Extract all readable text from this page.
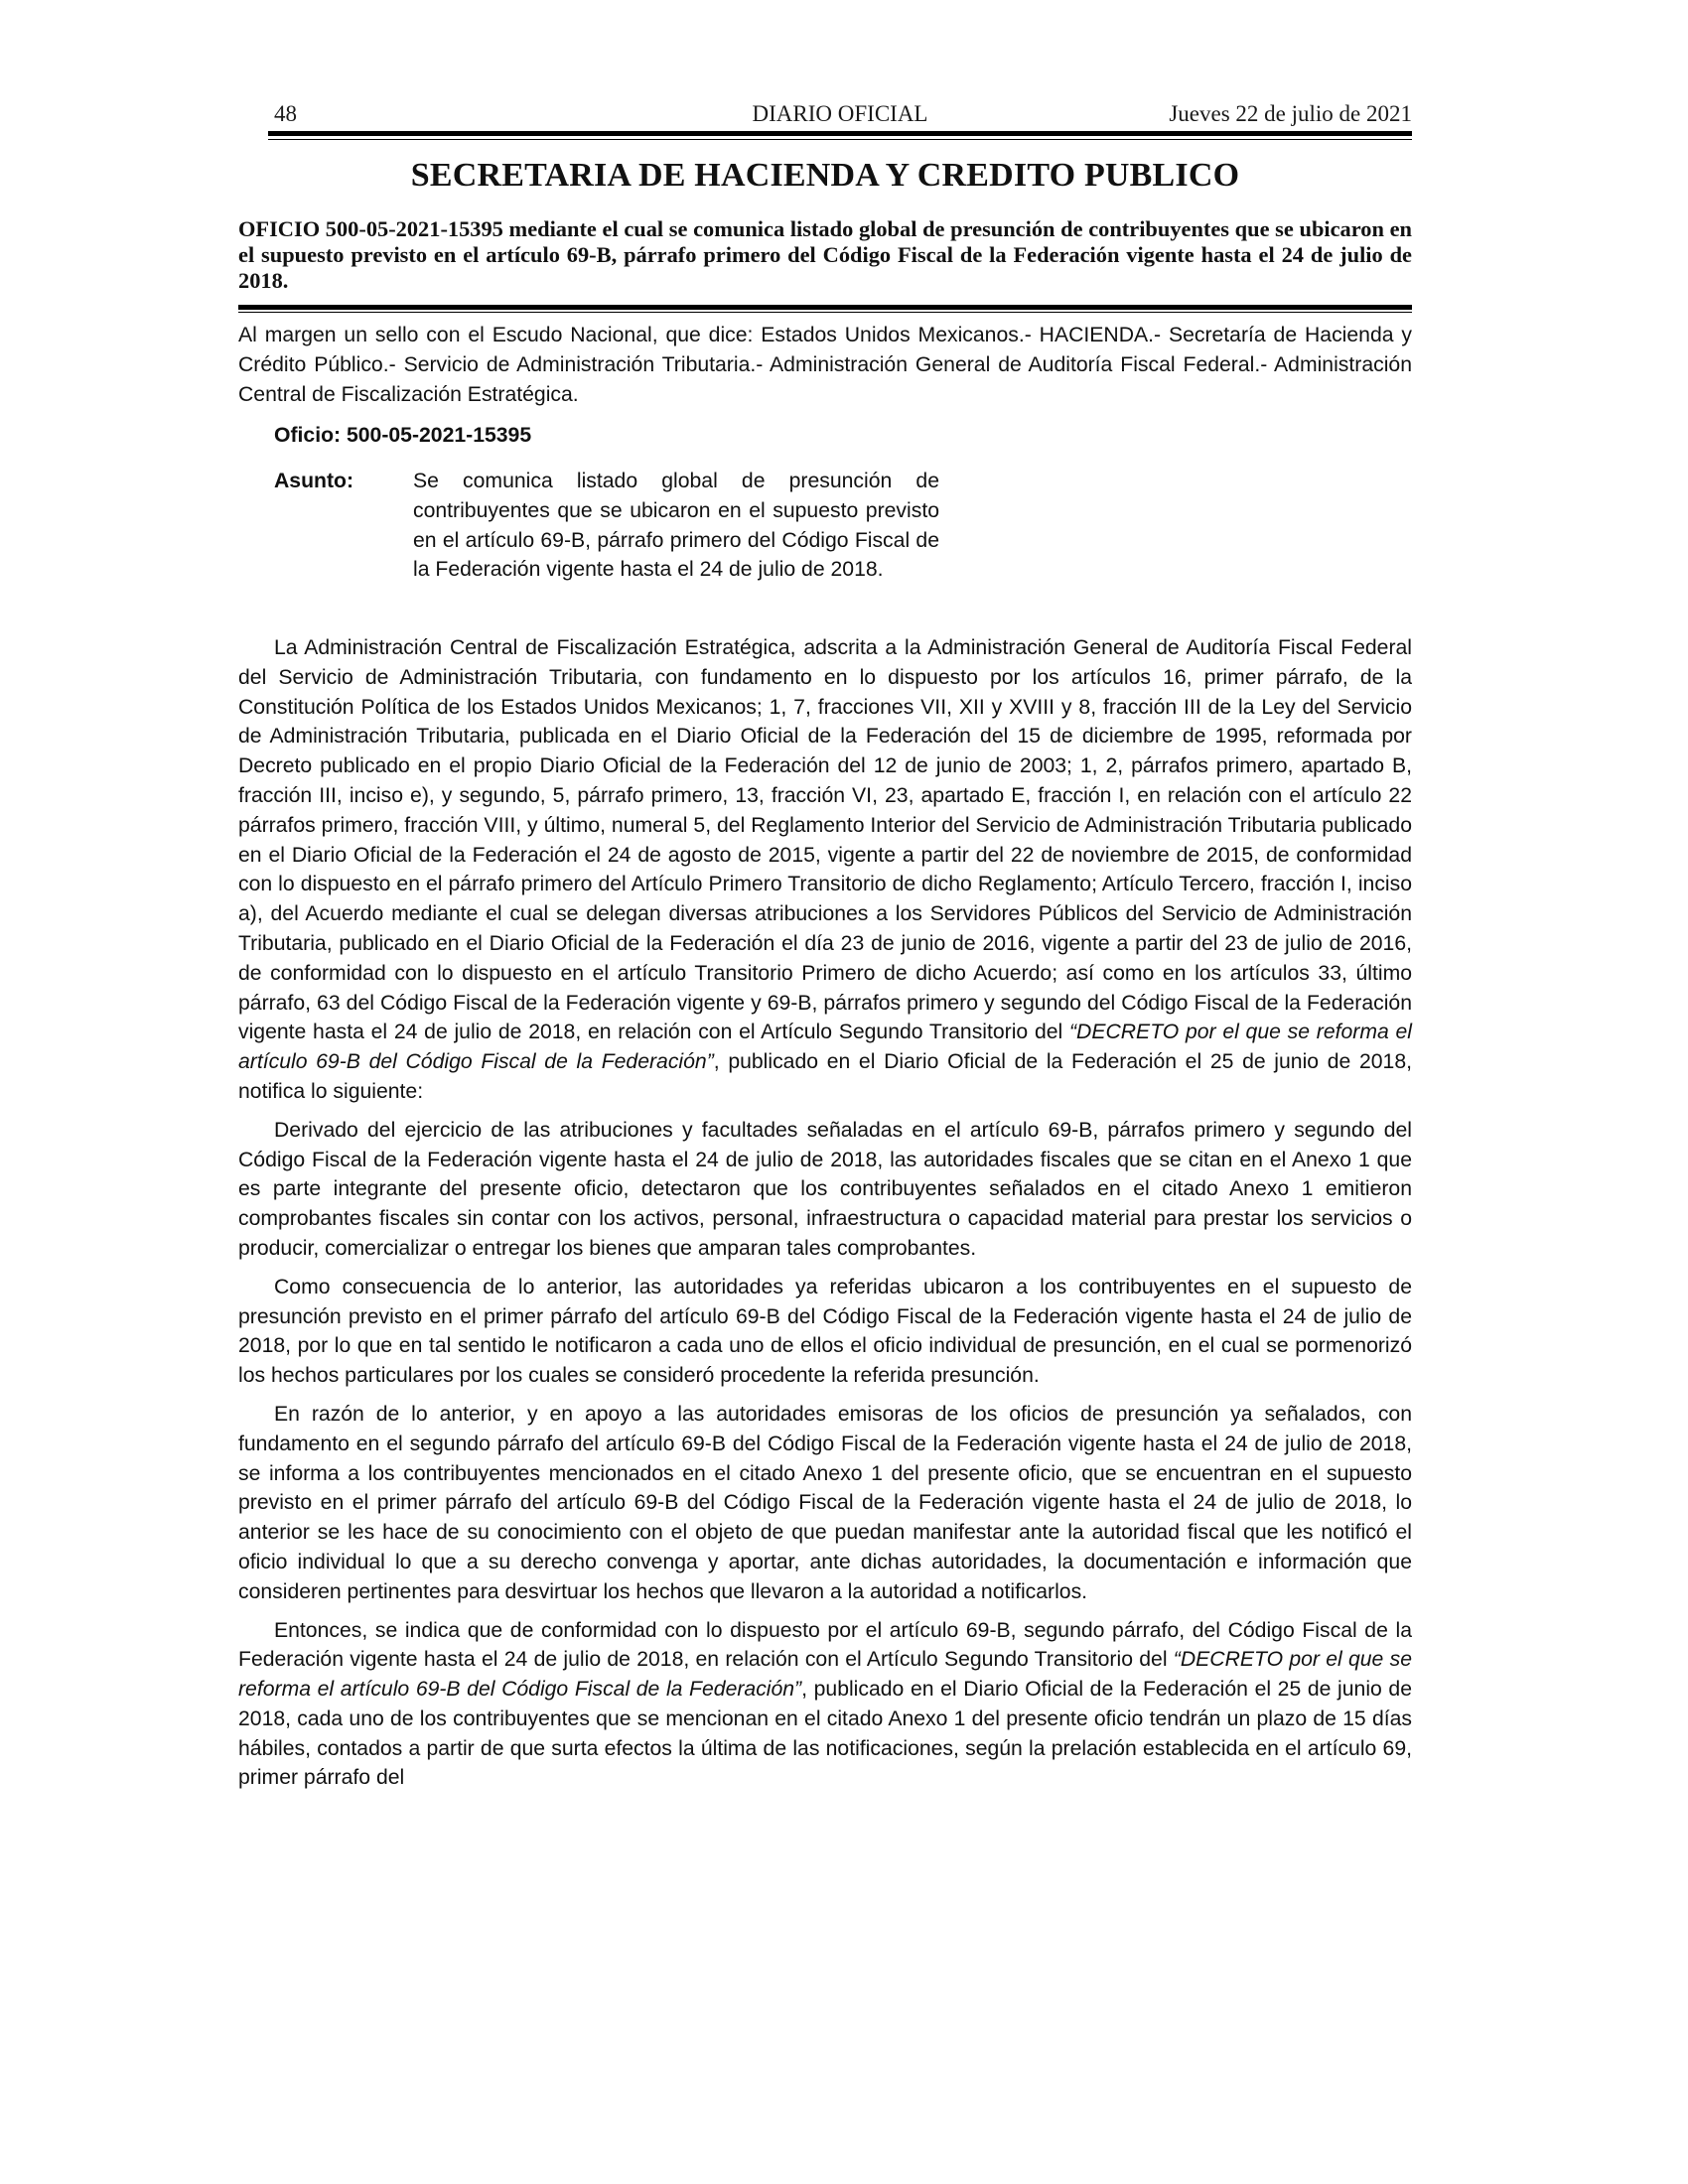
48	DIARIO OFICIAL	Jueves 22 de julio de 2021
SECRETARIA DE HACIENDA Y CREDITO PUBLICO
OFICIO 500-05-2021-15395 mediante el cual se comunica listado global de presunción de contribuyentes que se ubicaron en el supuesto previsto en el artículo 69-B, párrafo primero del Código Fiscal de la Federación vigente hasta el 24 de julio de 2018.
Al margen un sello con el Escudo Nacional, que dice: Estados Unidos Mexicanos.- HACIENDA.- Secretaría de Hacienda y Crédito Público.- Servicio de Administración Tributaria.- Administración General de Auditoría Fiscal Federal.- Administración Central de Fiscalización Estratégica.
Oficio: 500-05-2021-15395
Asunto:	Se comunica listado global de presunción de contribuyentes que se ubicaron en el supuesto previsto en el artículo 69-B, párrafo primero del Código Fiscal de la Federación vigente hasta el 24 de julio de 2018.

La Administración Central de Fiscalización Estratégica, adscrita a la Administración General de Auditoría Fiscal Federal del Servicio de Administración Tributaria, con fundamento en lo dispuesto por los artículos 16, primer párrafo, de la Constitución Política de los Estados Unidos Mexicanos; 1, 7, fracciones VII, XII y XVIII y 8, fracción III de la Ley del Servicio de Administración Tributaria, publicada en el Diario Oficial de la Federación del 15 de diciembre de 1995, reformada por Decreto publicado en el propio Diario Oficial de la Federación del 12 de junio de 2003; 1, 2, párrafos primero, apartado B, fracción III, inciso e), y segundo, 5, párrafo primero, 13, fracción VI, 23, apartado E, fracción I, en relación con el artículo 22 párrafos primero, fracción VIII, y último, numeral 5, del Reglamento Interior del Servicio de Administración Tributaria publicado en el Diario Oficial de la Federación el 24 de agosto de 2015, vigente a partir del 22 de noviembre de 2015, de conformidad con lo dispuesto en el párrafo primero del Artículo Primero Transitorio de dicho Reglamento; Artículo Tercero, fracción I, inciso a), del Acuerdo mediante el cual se delegan diversas atribuciones a los Servidores Públicos del Servicio de Administración Tributaria, publicado en el Diario Oficial de la Federación el día 23 de junio de 2016, vigente a partir del 23 de julio de 2016, de conformidad con lo dispuesto en el artículo Transitorio Primero de dicho Acuerdo; así como en los artículos 33, último párrafo, 63 del Código Fiscal de la Federación vigente y 69-B, párrafos primero y segundo del Código Fiscal de la Federación vigente hasta el 24 de julio de 2018, en relación con el Artículo Segundo Transitorio del “DECRETO por el que se reforma el artículo 69-B del Código Fiscal de la Federación”, publicado en el Diario Oficial de la Federación el 25 de junio de 2018, notifica lo siguiente:

Derivado del ejercicio de las atribuciones y facultades señaladas en el artículo 69-B, párrafos primero y segundo del Código Fiscal de la Federación vigente hasta el 24 de julio de 2018, las autoridades fiscales que se citan en el Anexo 1 que es parte integrante del presente oficio, detectaron que los contribuyentes señalados en el citado Anexo 1 emitieron comprobantes fiscales sin contar con los activos, personal, infraestructura o capacidad material para prestar los servicios o producir, comercializar o entregar los bienes que amparan tales comprobantes.

Como consecuencia de lo anterior, las autoridades ya referidas ubicaron a los contribuyentes en el supuesto de presunción previsto en el primer párrafo del artículo 69-B del Código Fiscal de la Federación vigente hasta el 24 de julio de 2018, por lo que en tal sentido le notificaron a cada uno de ellos el oficio individual de presunción, en el cual se pormenorizó los hechos particulares por los cuales se consideró procedente la referida presunción.

En razón de lo anterior, y en apoyo a las autoridades emisoras de los oficios de presunción ya señalados, con fundamento en el segundo párrafo del artículo 69-B del Código Fiscal de la Federación vigente hasta el 24 de julio de 2018, se informa a los contribuyentes mencionados en el citado Anexo 1 del presente oficio, que se encuentran en el supuesto previsto en el primer párrafo del artículo 69-B del Código Fiscal de la Federación vigente hasta el 24 de julio de 2018, lo anterior se les hace de su conocimiento con el objeto de que puedan manifestar ante la autoridad fiscal que les notificó el oficio individual lo que a su derecho convenga y aportar, ante dichas autoridades, la documentación e información que consideren pertinentes para desvirtuar los hechos que llevaron a la autoridad a notificarlos.

Entonces, se indica que de conformidad con lo dispuesto por el artículo 69-B, segundo párrafo, del Código Fiscal de la Federación vigente hasta el 24 de julio de 2018, en relación con el Artículo Segundo Transitorio del “DECRETO por el que se reforma el artículo 69-B del Código Fiscal de la Federación”, publicado en el Diario Oficial de la Federación el 25 de junio de 2018, cada uno de los contribuyentes que se mencionan en el citado Anexo 1 del presente oficio tendrán un plazo de 15 días hábiles, contados a partir de que surta efectos la última de las notificaciones, según la prelación establecida en el artículo 69, primer párrafo del
